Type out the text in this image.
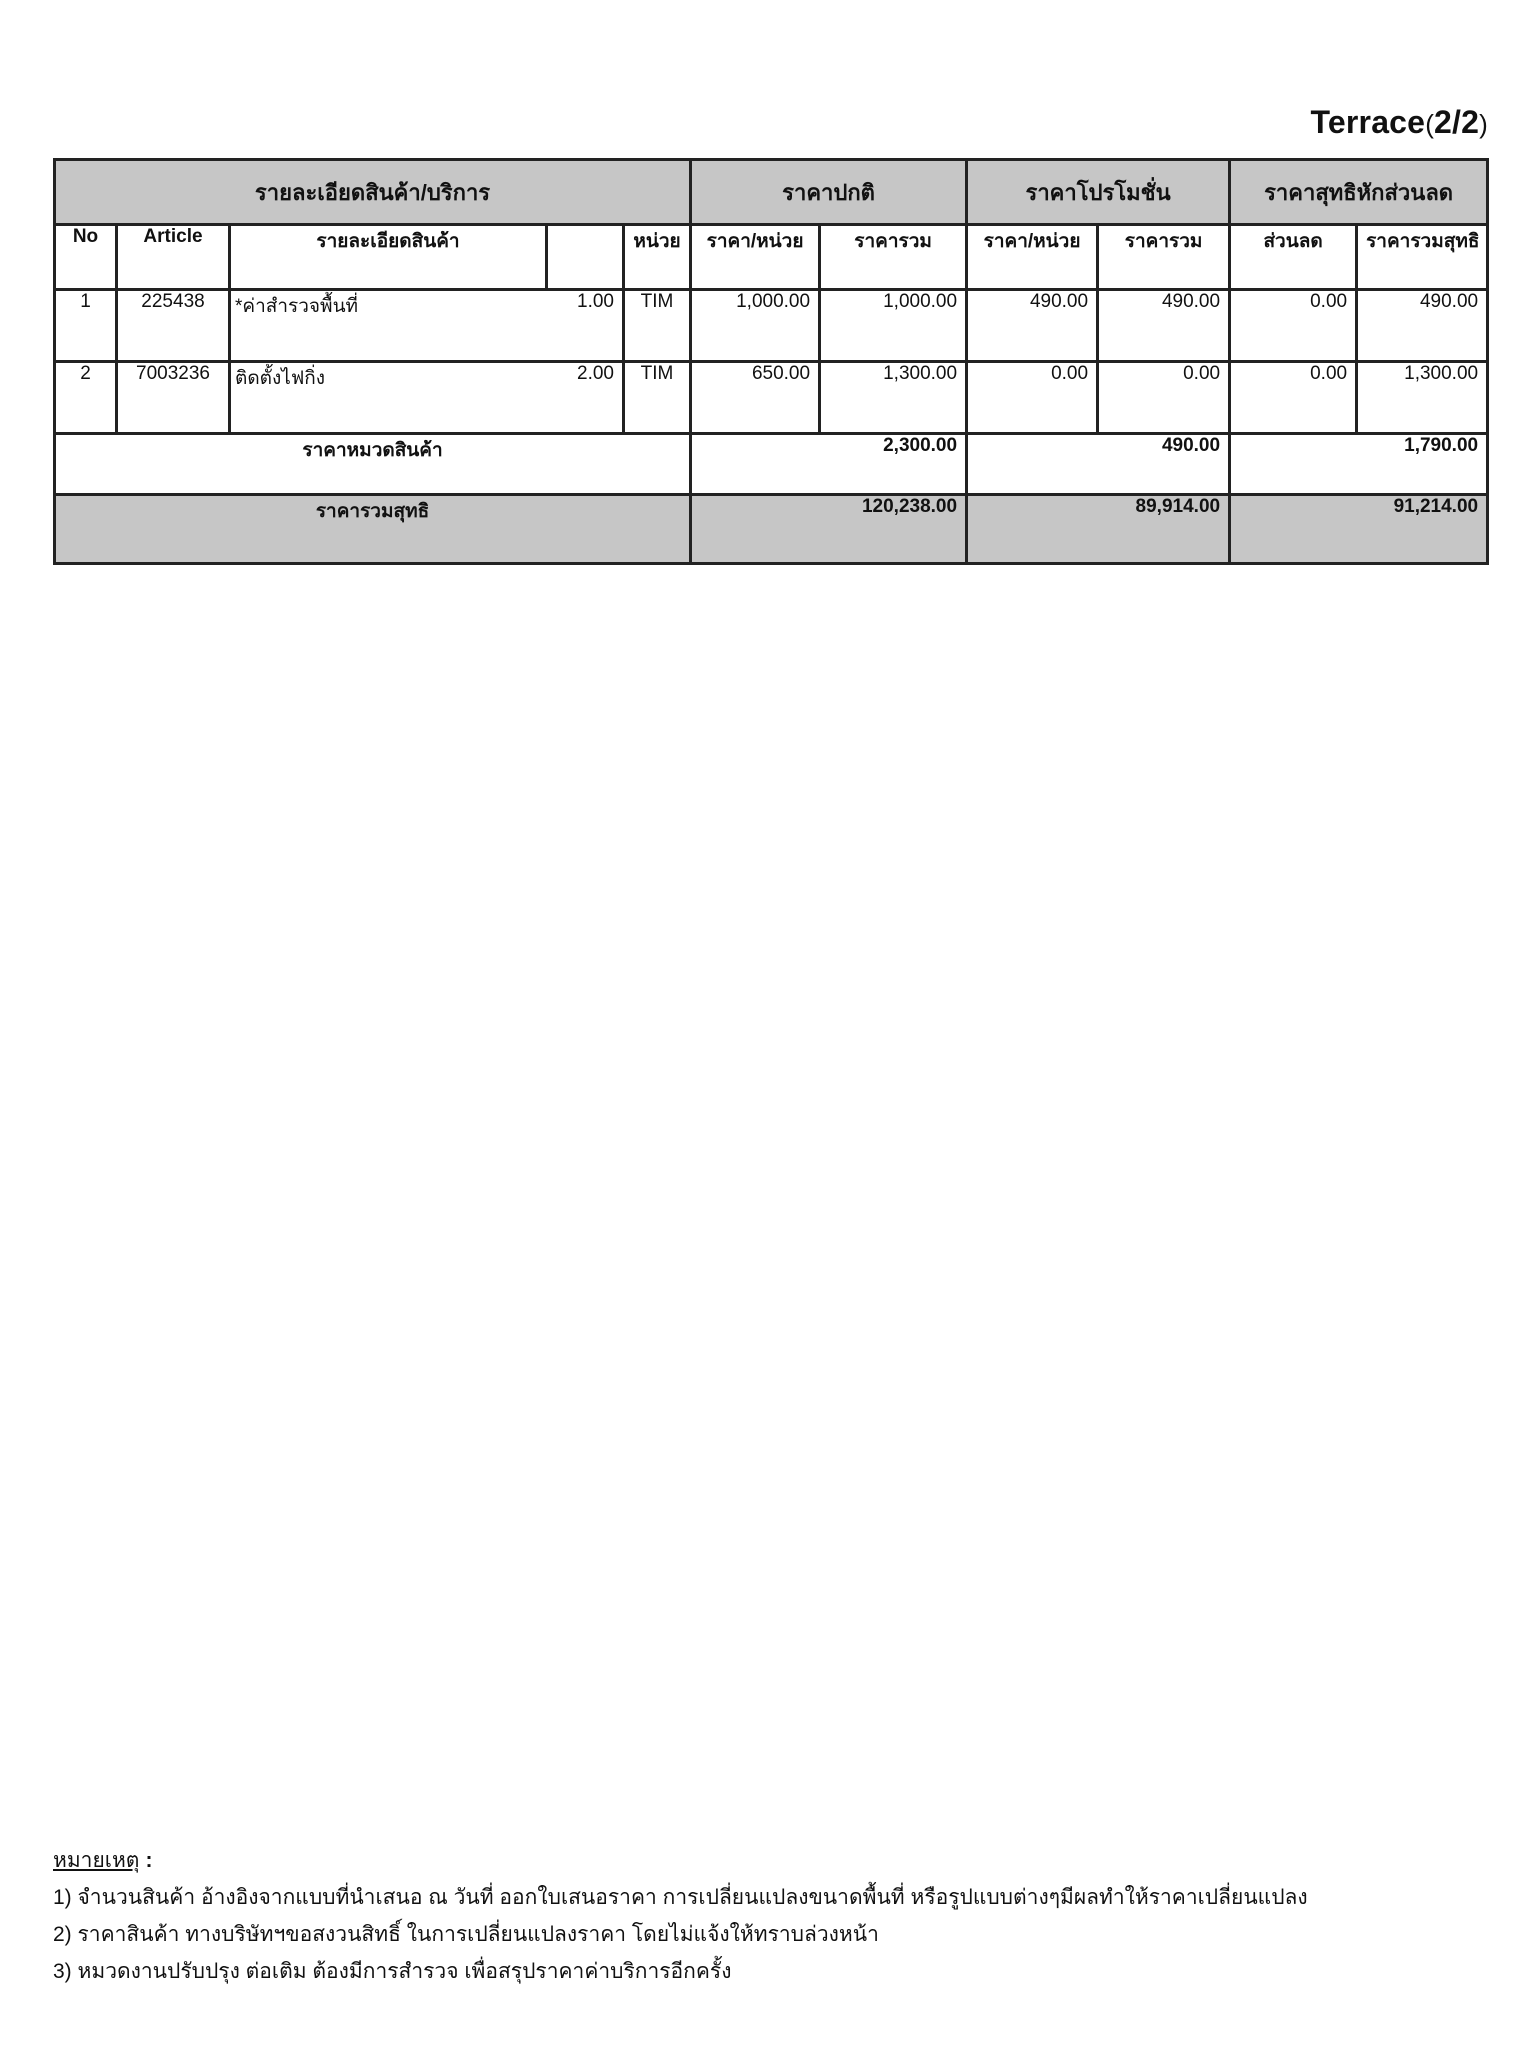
Terrace(2/2)
รายละเอียดสินค้า/บริการ					ราคาปกติ		ราคาโปรโมชั่น		ราคาสุทธิหักส่วนลด	
No	Article	รายละเอียดสินค้า		หน่วย	ราคา/หน่วย	ราคารวม	ราคา/หน่วย	ราคารวม	ส่วนลด	ราคารวมสุทธิ
1	225438	*ค่าสำรวจพื้นที่	1.00	TIM	1,000.00	1,000.00	490.00	490.00	0.00	490.00
2	7003236	ติดตั้งไฟกิ่ง	2.00	TIM	650.00	1,300.00	0.00	0.00	0.00	1,300.00
ราคาหมวดสินค้า					2,300.00		490.00		1,790.00	
ราคารวมสุทธิ					120,238.00		89,914.00		91,214.00	
หมายเหตุ :
1) จำนวนสินค้า อ้างอิงจากแบบที่นำเสนอ ณ วันที่ ออกใบเสนอราคา การเปลี่ยนแปลงขนาดพื้นที่ หรือรูปแบบต่างๆมีผลทำให้ราคาเปลี่ยนแปลง
2) ราคาสินค้า ทางบริษัทฯขอสงวนสิทธิ์ ในการเปลี่ยนแปลงราคา โดยไม่แจ้งให้ทราบล่วงหน้า
3) หมวดงานปรับปรุง ต่อเติม ต้องมีการสำรวจ เพื่อสรุปราคาค่าบริการอีกครั้ง
